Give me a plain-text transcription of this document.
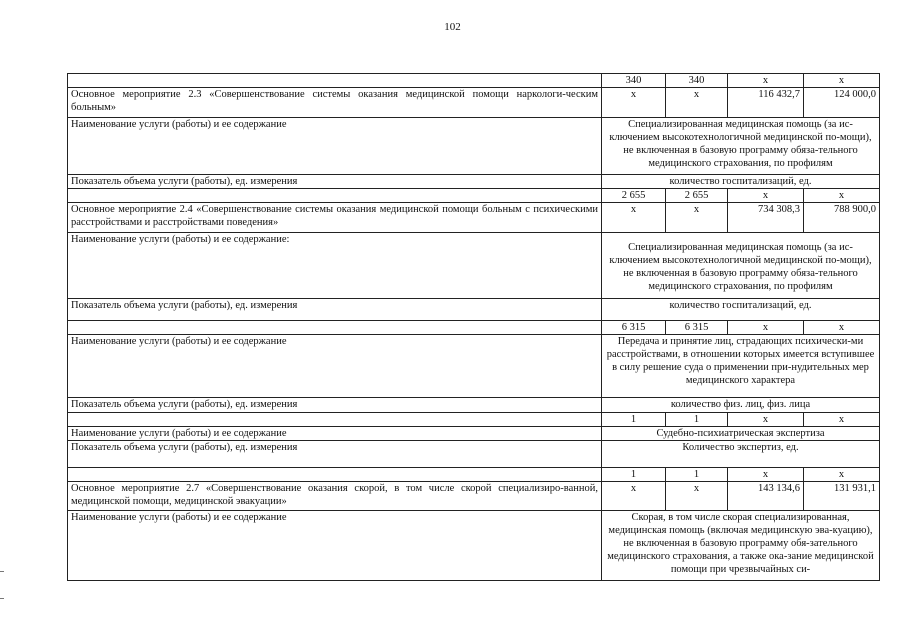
102
	340	340	х	х
Основное мероприятие 2.3 «Совершенствование системы оказания медицинской помощи наркологи-ческим больным»	х	х	116 432,7	124 000,0
Наименование услуги (работы) и ее содержание	Специализированная медицинская помощь (за ис-ключением высокотехнологичной медицинской по-мощи), не включенная в базовую программу обяза-тельного медицинского страхования, по профилям			
Показатель объема услуги (работы), ед. измерения	количество госпитализаций, ед.			
	2 655	2 655	х	х
Основное мероприятие 2.4 «Совершенствование системы оказания медицинской помощи больным с психическими расстройствами и расстройствами поведения»	х	х	734 308,3	788 900,0
Наименование услуги (работы) и ее содержание:	Специализированная медицинская помощь (за ис-ключением высокотехнологичной медицинской по-мощи), не включенная в базовую программу обяза-тельного медицинского страхования, по профилям			
Показатель объема услуги (работы), ед. измерения	количество госпитализаций, ед.			
	6 315	6 315	х	х
Наименование услуги (работы) и ее содержание	Передача и принятие лиц, страдающих психически-ми расстройствами, в отношении которых имеется вступившее в силу решение суда о применении при-нудительных мер медицинского характера			
Показатель объема услуги (работы), ед. измерения	количество физ. лиц, физ. лица			
	1	1	х	х
Наименование услуги (работы) и ее содержание	Судебно-психиатрическая экспертиза			
Показатель объема услуги (работы), ед. измерения	Количество экспертиз, ед.			
	1	1	х	х
Основное мероприятие 2.7 «Совершенствование оказания скорой, в том числе скорой специализиро-ванной, медицинской помощи, медицинской эвакуации»	х	х	143 134,6	131 931,1
Наименование услуги (работы) и ее содержание	Скорая, в том числе скорая специализированная, медицинская помощь (включая медицинскую эва-куацию), не включенная в базовую программу обя-зательного медицинского страхования, а также ока-зание медицинской помощи при чрезвычайных си-			
